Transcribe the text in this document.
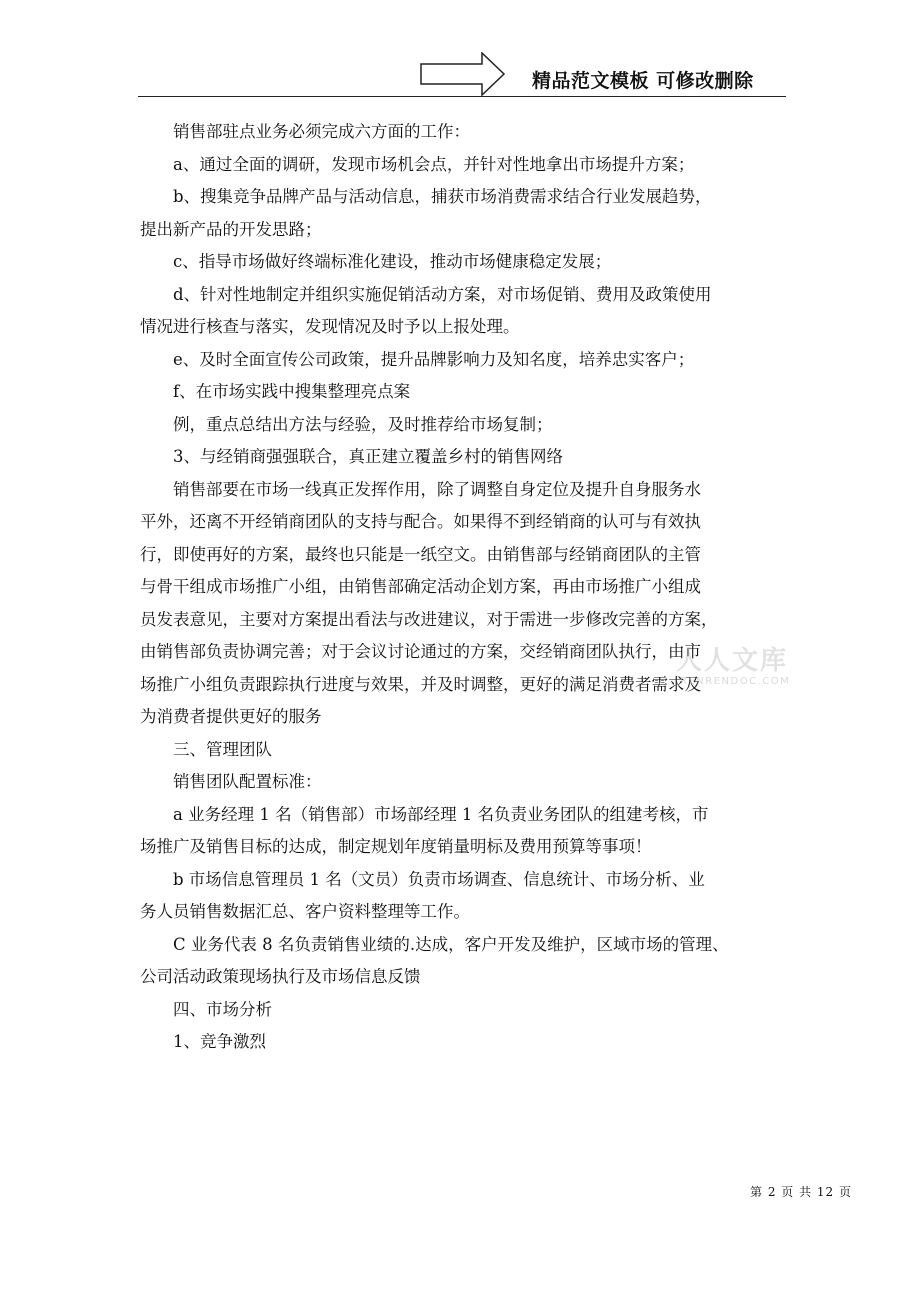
精品范文模板 可修改删除
销售部驻点业务必须完成六方面的工作：
a、通过全面的调研，发现市场机会点，并针对性地拿出市场提升方案；
b、搜集竞争品牌产品与活动信息，捕获市场消费需求结合行业发展趋势，
提出新产品的开发思路；
c、指导市场做好终端标准化建设，推动市场健康稳定发展；
d、针对性地制定并组织实施促销活动方案，对市场促销、费用及政策使用
情况进行核查与落实，发现情况及时予以上报处理。
e、及时全面宣传公司政策，提升品牌影响力及知名度，培养忠实客户；
f、在市场实践中搜集整理亮点案
例，重点总结出方法与经验，及时推荐给市场复制；
3、与经销商强强联合，真正建立覆盖乡村的销售网络
销售部要在市场一线真正发挥作用，除了调整自身定位及提升自身服务水
平外，还离不开经销商团队的支持与配合。如果得不到经销商的认可与有效执
行，即使再好的方案，最终也只能是一纸空文。由销售部与经销商团队的主管
与骨干组成市场推广小组，由销售部确定活动企划方案，再由市场推广小组成
员发表意见，主要对方案提出看法与改进建议，对于需进一步修改完善的方案，
由销售部负责协调完善；对于会议讨论通过的方案，交经销商团队执行，由市
场推广小组负责跟踪执行进度与效果，并及时调整，更好的满足消费者需求及
为消费者提供更好的服务
三、管理团队
销售团队配置标准：
a 业务经理 1 名（销售部）市场部经理 1 名负责业务团队的组建考核，市
场推广及销售目标的达成，制定规划年度销量明标及费用预算等事项！
b 市场信息管理员 1 名（文员）负责市场调查、信息统计、市场分析、业
务人员销售数据汇总、客户资料整理等工作。
C 业务代表 8 名负责销售业绩的.达成，客户开发及维护，区域市场的管理、
公司活动政策现场执行及市场信息反馈
四、市场分析
1、竞争激烈
人人文库
RENRENDOC.COM
第 2 页 共 12 页
